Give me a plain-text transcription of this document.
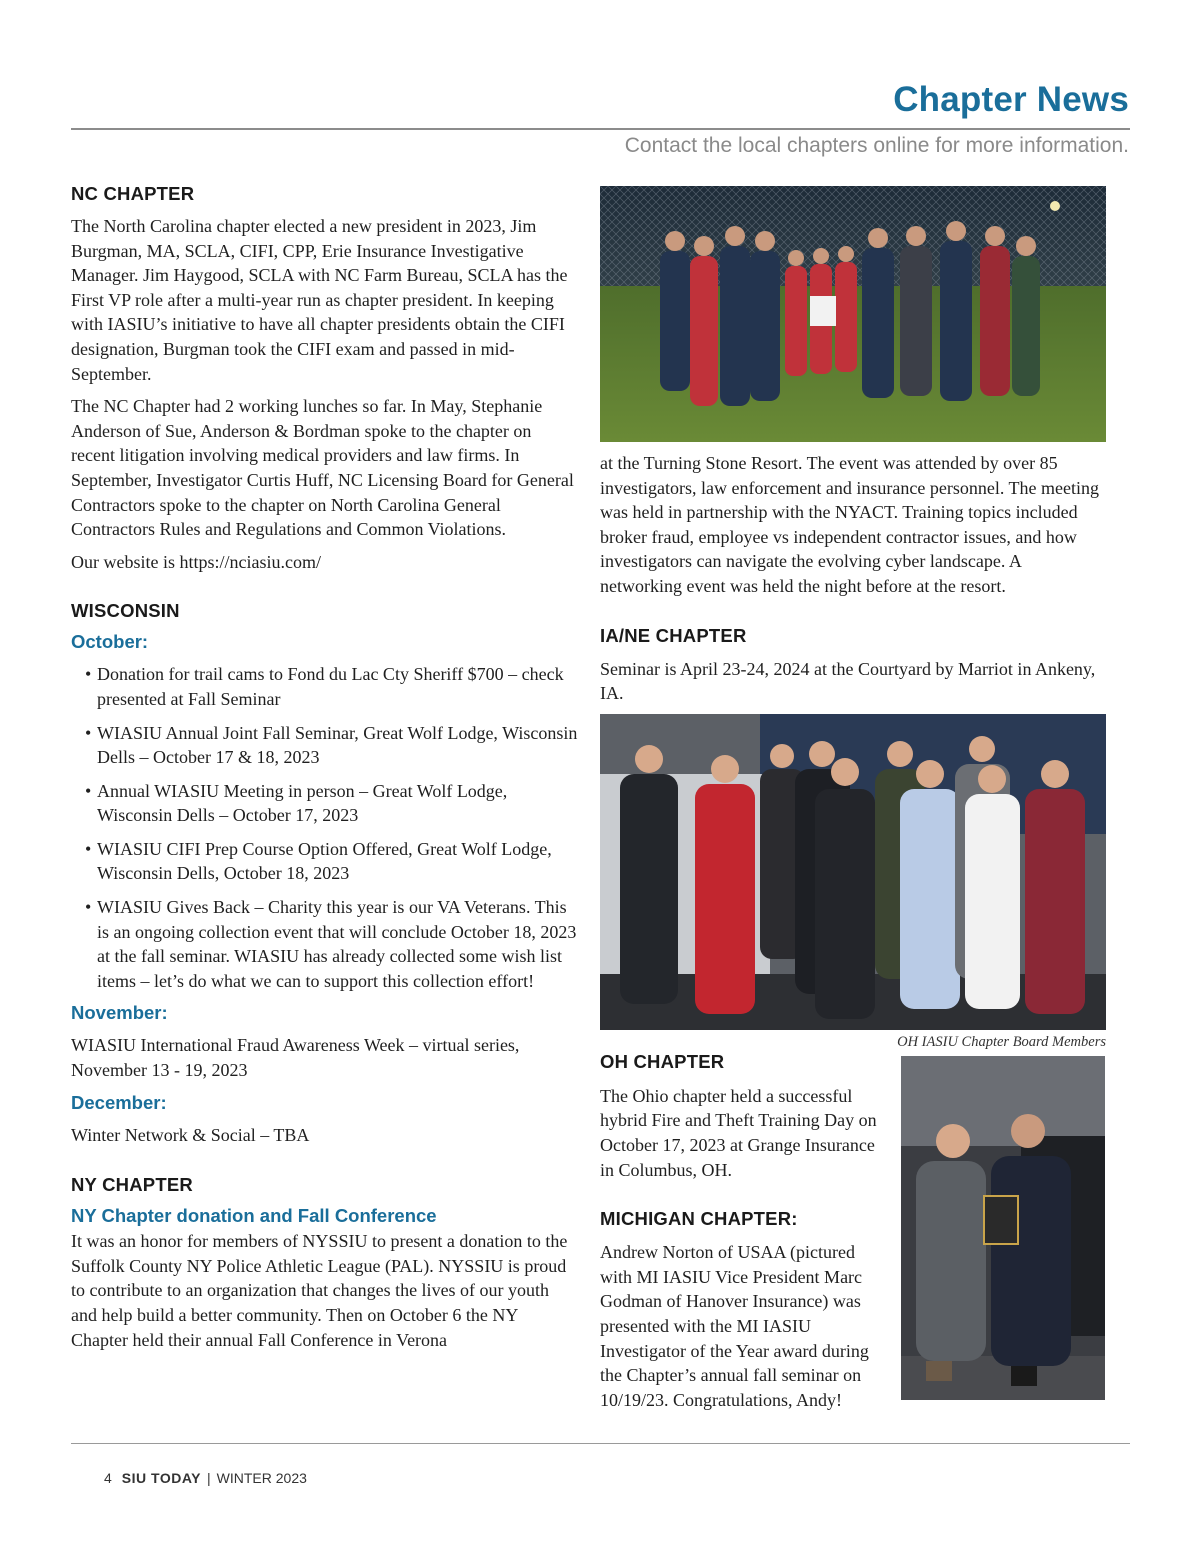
Chapter News
Contact the local chapters online for more information.
NC CHAPTER

The North Carolina chapter elected a new president in 2023, Jim Burgman, MA, SCLA, CIFI, CPP, Erie Insurance Investigative Manager. Jim Haygood, SCLA with NC Farm Bureau, SCLA has the First VP role after a multi-year run as chapter president. In keeping with IASIU’s initiative to have all chapter presidents obtain the CIFI designation, Burgman took the CIFI exam and passed in mid-September.

The NC Chapter had 2 working lunches so far. In May, Stephanie Anderson of Sue, Anderson & Bordman spoke to the chapter on recent litigation involving medical providers and law firms. In September, Investigator Curtis Huff, NC Licensing Board for General Contractors spoke to the chapter on North Carolina General Contractors Rules and Regulations and Common Violations.

Our website is https://nciasiu.com/

WISCONSIN
October:
• Donation for trail cams to Fond du Lac Cty Sheriff $700 – check presented at Fall Seminar
• WIASIU Annual Joint Fall Seminar, Great Wolf Lodge, Wisconsin Dells – October 17 & 18, 2023
• Annual WIASIU Meeting in person – Great Wolf Lodge, Wisconsin Dells – October 17, 2023
• WIASIU CIFI Prep Course Option Offered, Great Wolf Lodge, Wisconsin Dells, October 18, 2023
• WIASIU Gives Back – Charity this year is our VA Veterans. This is an ongoing collection event that will conclude October 18, 2023 at the fall seminar. WIASIU has already collected some wish list items – let’s do what we can to support this collection effort!
November:

WIASIU International Fraud Awareness Week – virtual series, November 13 - 19, 2023

December:

Winter Network & Social – TBA

NY CHAPTER
NY Chapter donation and Fall Conference

It was an honor for members of NYSSIU to present a donation to the Suffolk County NY Police Athletic League (PAL). NYSSIU is proud to contribute to an organization that changes the lives of our youth and help build a better community. Then on October 6 the NY Chapter held their annual Fall Conference in Verona

at the Turning Stone Resort. The event was attended by over 85 investigators, law enforcement and insurance personnel. The meeting was held in partnership with the NYACT. Training topics included broker fraud, employee vs independent contractor issues, and how investigators can navigate the evolving cyber landscape. A networking event was held the night before at the resort.

IA/NE CHAPTER

Seminar is April 23-24, 2024 at the Courtyard by Marriot in Ankeny, IA.

OH IASIU Chapter Board Members
OH CHAPTER

The Ohio chapter held a successful hybrid Fire and Theft Training Day on October 17, 2023 at Grange Insurance in Columbus, OH.

MICHIGAN CHAPTER:

Andrew Norton of USAA (pictured with MI IASIU Vice President Marc Godman of Hanover Insurance) was presented with the MI IASIU Investigator of the Year award during the Chapter’s annual fall seminar on 10/19/23. Congratulations, Andy!

4 SIU TODAY | WINTER 2023
